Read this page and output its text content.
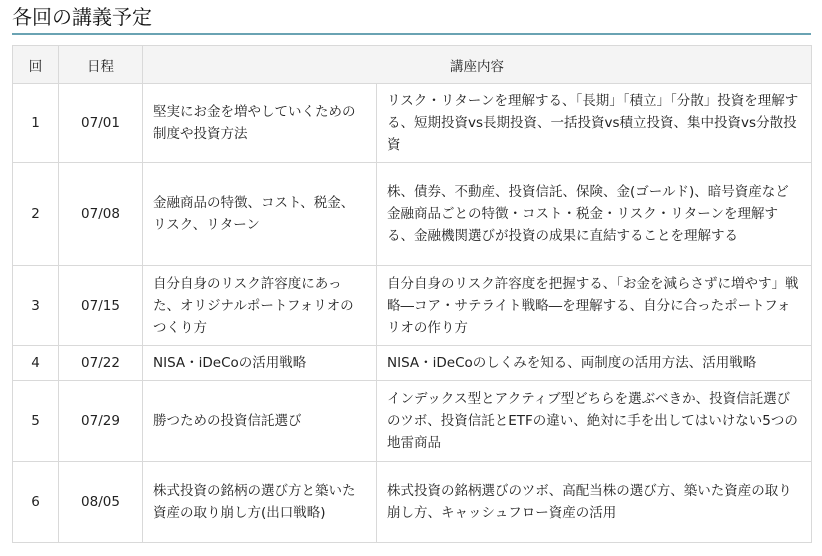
各回の講義予定
回	日程	講座内容	
1	07/01	堅実にお金を増やしていくための制度や投資方法	リスク・リターンを理解する、「長期」「積立」「分散」投資を理解する、短期投資vs長期投資、一括投資vs積立投資、集中投資vs分散投資
2	07/08	金融商品の特徴、コスト、税金、リスク、リターン	株、債券、不動産、投資信託、保険、金(ゴールド)、暗号資産など金融商品ごとの特徴・コスト・税金・リスク・リターンを理解する、金融機関選びが投資の成果に直結することを理解する
3	07/15	自分自身のリスク許容度にあった、オリジナルポートフォリオのつくり方	自分自身のリスク許容度を把握する、「お金を減らさずに増やす」戦略―コア・サテライト戦略―を理解する、自分に合ったポートフォリオの作り方
4	07/22	NISA・iDeCoの活用戦略	NISA・iDeCoのしくみを知る、両制度の活用方法、活用戦略
5	07/29	勝つための投資信託選び	インデックス型とアクティブ型どちらを選ぶべきか、投資信託選びのツボ、投資信託とETFの違い、絶対に手を出してはいけない5つの地雷商品
6	08/05	株式投資の銘柄の選び方と築いた資産の取り崩し方(出口戦略)	株式投資の銘柄選びのツボ、高配当株の選び方、築いた資産の取り崩し方、キャッシュフロー資産の活用
